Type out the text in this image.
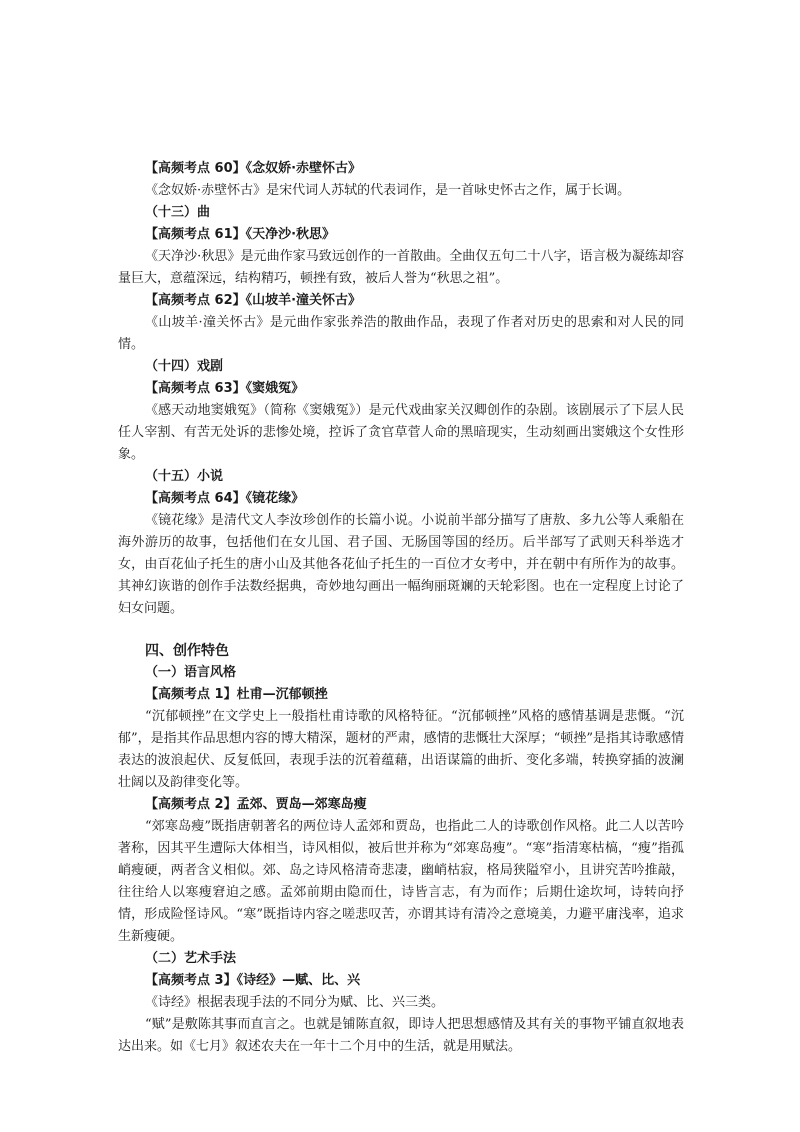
【高频考点 60】《念奴娇·赤壁怀古》

《念奴娇·赤壁怀古》是宋代词人苏轼的代表词作，是一首咏史怀古之作，属于长调。

（十三）曲
【高频考点 61】《天净沙·秋思》

《天净沙·秋思》是元曲作家马致远创作的一首散曲。全曲仅五句二十八字，语言极为凝练却容量巨大，意蕴深远，结构精巧，顿挫有致，被后人誉为“秋思之祖”。

【高频考点 62】《山坡羊·潼关怀古》

《山坡羊·潼关怀古》是元曲作家张养浩的散曲作品，表现了作者对历史的思索和对人民的同情。

（十四）戏剧
【高频考点 63】《窦娥冤》

《感天动地窦娥冤》（简称《窦娥冤》）是元代戏曲家关汉卿创作的杂剧。该剧展示了下层人民任人宰割、有苦无处诉的悲惨处境，控诉了贪官草菅人命的黑暗现实，生动刻画出窦娥这个女性形象。

（十五）小说
【高频考点 64】《镜花缘》

《镜花缘》是清代文人李汝珍创作的长篇小说。小说前半部分描写了唐敖、多九公等人乘船在海外游历的故事，包括他们在女儿国、君子国、无肠国等国的经历。后半部写了武则天科举选才女，由百花仙子托生的唐小山及其他各花仙子托生的一百位才女考中，并在朝中有所作为的故事。其神幻诙谐的创作手法数经据典，奇妙地勾画出一幅绚丽斑斓的天轮彩图。也在一定程度上讨论了妇女问题。

四、创作特色
（一）语言风格
【高频考点 1】杜甫—沉郁顿挫

“沉郁顿挫”在文学史上一般指杜甫诗歌的风格特征。“沉郁顿挫”风格的感情基调是悲慨。“沉郁”，是指其作品思想内容的博大精深，题材的严肃，感情的悲慨壮大深厚；“顿挫”是指其诗歌感情表达的波浪起伏、反复低回，表现手法的沉着蕴藉，出语谋篇的曲折、变化多端，转换穿插的波澜壮阔以及韵律变化等。

【高频考点 2】孟郊、贾岛—郊寒岛瘦

“郊寒岛瘦”既指唐朝著名的两位诗人孟郊和贾岛，也指此二人的诗歌创作风格。此二人以苦吟著称，因其平生遭际大体相当，诗风相似，被后世并称为“郊寒岛瘦”。“寒”指清寒枯槁，“瘦”指孤峭瘦硬，两者含义相似。郊、岛之诗风格清奇悲凄，幽峭枯寂，格局狭隘窄小，且讲究苦吟推敲，往往给人以寒瘦窘迫之感。孟郊前期由隐而仕，诗皆言志，有为而作；后期仕途坎坷，诗转向抒情，形成险怪诗风。“寒”既指诗内容之嗟悲叹苦，亦谓其诗有清冷之意境美，力避平庸浅率，追求生新瘦硬。

（二）艺术手法
【高频考点 3】《诗经》—赋、比、兴

《诗经》根据表现手法的不同分为赋、比、兴三类。

“赋”是敷陈其事而直言之。也就是铺陈直叙，即诗人把思想感情及其有关的事物平铺直叙地表达出来。如《七月》叙述农夫在一年十二个月中的生活，就是用赋法。
